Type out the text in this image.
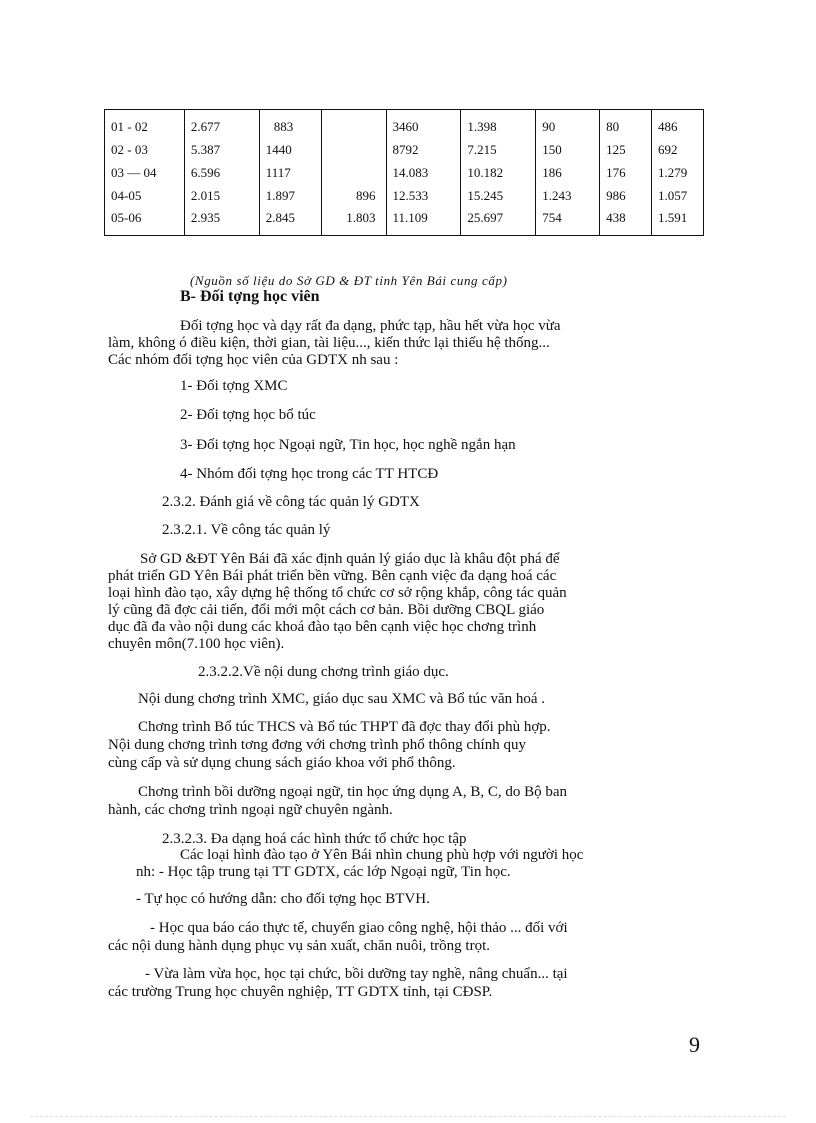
01 - 02	2.677	883		3460	1.398	90	80	486
02 - 03	5.387	1440		8792	7.215	150	125	692
03 — 04	6.596	1117		14.083	10.182	186	176	1.279
04-05	2.015	1.897	896	12.533	15.245	1.243	986	1.057
05-06	2.935	2.845	1.803	11.109	25.697	754	438	1.591
(Nguồn số liệu do Sở GD & ĐT tỉnh Yên Bái cung cấp)
B- Đối tợng học viên
Đối tợng học và dạy rất đa dạng, phức tạp, hầu hết vừa học vừa
làm, không ó điều kiện, thời gian, tài liệu..., kiến thức lại thiếu hệ thống...
Các nhóm đối tợng học viên của GDTX nh sau :
1- Đối tợng XMC
2- Đối tợng học bổ túc
3- Đối tợng học Ngoại ngữ, Tin học, học nghề ngắn hạn
4- Nhóm đối tợng học trong các TT HTCĐ
2.3.2. Đánh giá về công tác quản lý GDTX
2.3.2.1. Về công tác quản lý
Sở GD &ĐT Yên Bái đã xác định quản lý giáo dục là khâu đột phá để
phát triển GD Yên Bái phát triển bền vững. Bên cạnh việc đa dạng hoá các
loại hình đào tạo, xây dựng hệ thống tổ chức cơ sở rộng khắp, công tác quản
lý cũng đã đợc cải tiến, đổi mới một cách cơ bản. Bồi dưỡng CBQL giáo
dục đã đa vào nội dung các khoá đào tạo bên cạnh việc học chơng trình
chuyên môn(7.100 học viên).
2.3.2.2.Về nội dung chơng trình giáo dục.
Nội dung chơng trình XMC, giáo dục sau XMC và Bổ túc văn hoá .
Chơng trình Bổ túc THCS và Bổ túc THPT đã đợc thay đổi phù hợp.
Nội dung chơng trình tơng đơng với chơng trình phổ thông chính quy
cùng cấp và sử dụng chung sách giáo khoa với phổ thông.
Chơng trình bồi dưỡng ngoại ngữ, tin học ứng dụng A, B, C, do Bộ ban
hành, các chơng trình ngoại ngữ chuyên ngành.
2.3.2.3. Đa dạng hoá các hình thức tổ chức học tập
Các loại hình đào tạo ở Yên Bái nhìn chung phù hợp với người học
nh: - Học tập trung tại TT GDTX, các lớp Ngoại ngữ, Tin học.
- Tự học có hướng dẫn: cho đối tợng học BTVH.
- Học qua báo cáo thực tế, chuyển giao công nghệ, hội thảo ... đối với
các nội dung hành dụng phục vụ sản xuất, chăn nuôi, trồng trọt.
- Vừa làm vừa học, học tại chức, bồi dưỡng tay nghề, nâng chuẩn... tại
các trường Trung học chuyên nghiệp, TT GDTX tỉnh, tại CĐSP.
9
